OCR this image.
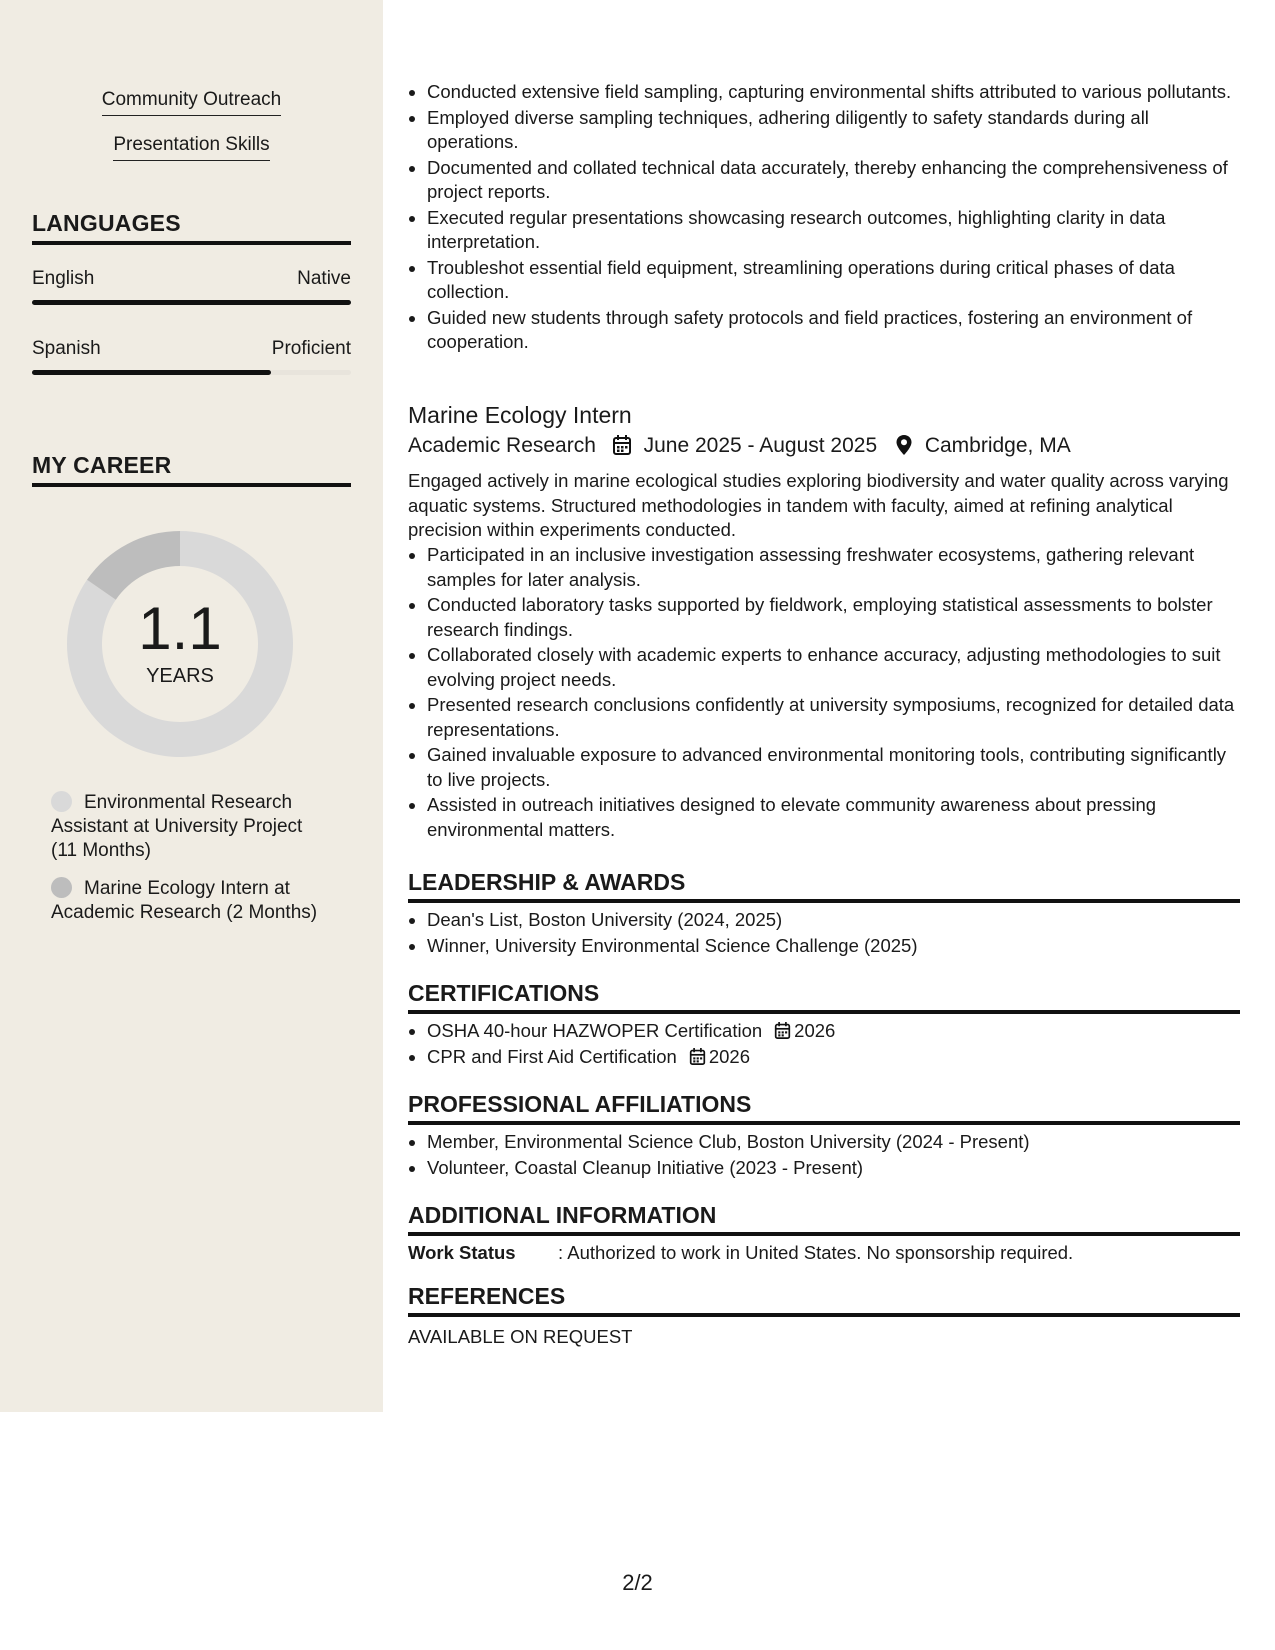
Community Outreach
Presentation Skills
LANGUAGES
English	Native
Spanish	Proficient
MY CAREER
1.1
YEARS
Environmental Research Assistant at University Project (11 Months)
Marine Ecology Intern at Academic Research (2 Months)
• Conducted extensive field sampling, capturing environmental shifts attributed to various pollutants.
• Employed diverse sampling techniques, adhering diligently to safety standards during all operations.
• Documented and collated technical data accurately, thereby enhancing the comprehensiveness of project reports.
• Executed regular presentations showcasing research outcomes, highlighting clarity in data interpretation.
• Troubleshot essential field equipment, streamlining operations during critical phases of data collection.
• Guided new students through safety protocols and field practices, fostering an environment of cooperation.
Marine Ecology Intern
Academic Research June 2025 - August 2025 Cambridge, MA
Engaged actively in marine ecological studies exploring biodiversity and water quality across varying aquatic systems. Structured methodologies in tandem with faculty, aimed at refining analytical precision within experiments conducted.
• Participated in an inclusive investigation assessing freshwater ecosystems, gathering relevant samples for later analysis.
• Conducted laboratory tasks supported by fieldwork, employing statistical assessments to bolster research findings.
• Collaborated closely with academic experts to enhance accuracy, adjusting methodologies to suit evolving project needs.
• Presented research conclusions confidently at university symposiums, recognized for detailed data representations.
• Gained invaluable exposure to advanced environmental monitoring tools, contributing significantly to live projects.
• Assisted in outreach initiatives designed to elevate community awareness about pressing environmental matters.
LEADERSHIP & AWARDS
• Dean's List, Boston University (2024, 2025)
• Winner, University Environmental Science Challenge (2025)
CERTIFICATIONS
• OSHA 40-hour HAZWOPER Certification 2026
• CPR and First Aid Certification 2026
PROFESSIONAL AFFILIATIONS
• Member, Environmental Science Club, Boston University (2024 - Present)
• Volunteer, Coastal Cleanup Initiative (2023 - Present)
ADDITIONAL INFORMATION
Work Status : Authorized to work in United States. No sponsorship required.
REFERENCES
AVAILABLE ON REQUEST
2/2
